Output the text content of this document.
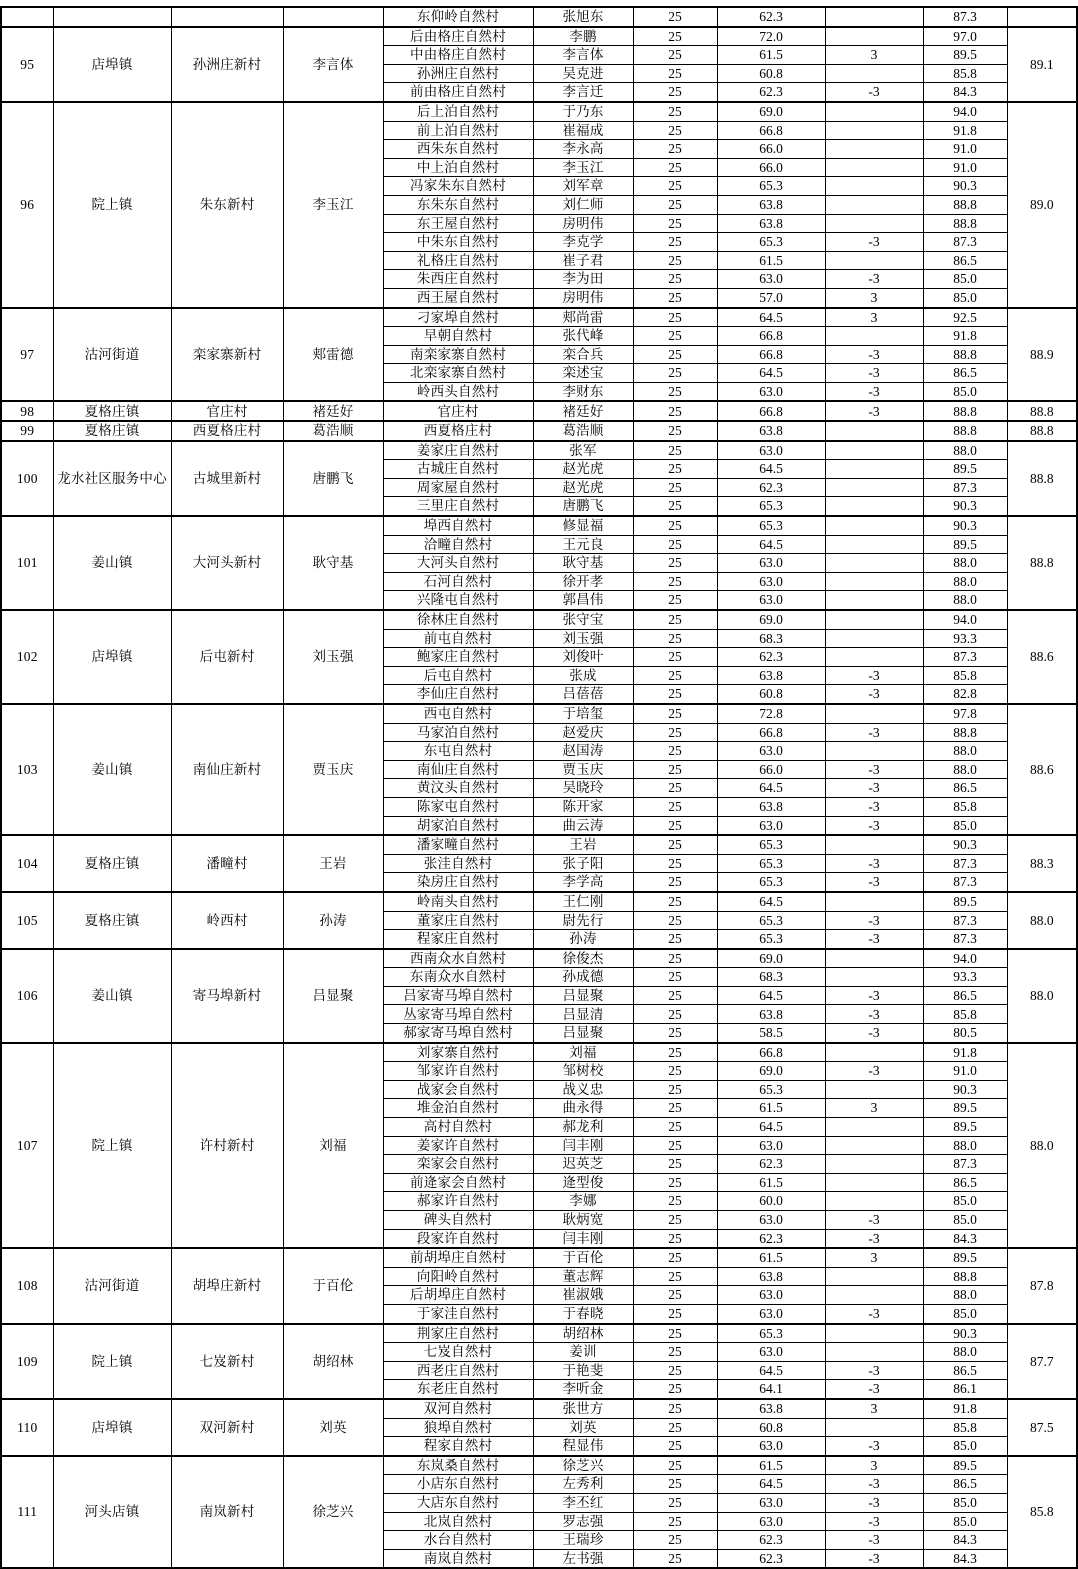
				东仰岭自然村	张旭东	25	62.3		87.3	
95	店埠镇	孙洲庄新村	李言体	后由格庄自然村	李鹏	25	72.0		97.0	89.1
				中由格庄自然村	李言体	25	61.5	3	89.5	
				孙洲庄自然村	吴克进	25	60.8		85.8	
				前由格庄自然村	李言迁	25	62.3	-3	84.3	
96	院上镇	朱东新村	李玉江	后上泊自然村	于乃东	25	69.0		94.0	89.0
				前上泊自然村	崔福成	25	66.8		91.8	
				西朱东自然村	李永高	25	66.0		91.0	
				中上泊自然村	李玉江	25	66.0		91.0	
				冯家朱东自然村	刘军章	25	65.3		90.3	
				东朱东自然村	刘仁师	25	63.8		88.8	
				东王屋自然村	房明伟	25	63.8		88.8	
				中朱东自然村	李克学	25	65.3	-3	87.3	
				礼格庄自然村	崔子君	25	61.5		86.5	
				朱西庄自然村	李为田	25	63.0	-3	85.0	
				西王屋自然村	房明伟	25	57.0	3	85.0	
97	沽河街道	栾家寨新村	郏雷德	刁家埠自然村	郏尚雷	25	64.5	3	92.5	88.9
				早朝自然村	张代峰	25	66.8		91.8	
				南栾家寨自然村	栾合兵	25	66.8	-3	88.8	
				北栾家寨自然村	栾述宝	25	64.5	-3	86.5	
				岭西头自然村	李财东	25	63.0	-3	85.0	
98	夏格庄镇	官庄村	褚廷好	官庄村	褚廷好	25	66.8	-3	88.8	88.8
99	夏格庄镇	西夏格庄村	葛浩顺	西夏格庄村	葛浩顺	25	63.8		88.8	88.8
100	龙水社区服务中心	古城里新村	唐鹏飞	姜家庄自然村	张军	25	63.0		88.0	88.8
				古城庄自然村	赵光虎	25	64.5		89.5	
				周家屋自然村	赵光虎	25	62.3		87.3	
				三里庄自然村	唐鹏飞	25	65.3		90.3	
101	姜山镇	大河头新村	耿守基	埠西自然村	修显福	25	65.3		90.3	88.8
				洽疃自然村	王元良	25	64.5		89.5	
				大河头自然村	耿守基	25	63.0		88.0	
				石河自然村	徐开孝	25	63.0		88.0	
				兴隆屯自然村	郭昌伟	25	63.0		88.0	
102	店埠镇	后屯新村	刘玉强	徐林庄自然村	张守宝	25	69.0		94.0	88.6
				前屯自然村	刘玉强	25	68.3		93.3	
				鲍家庄自然村	刘俊叶	25	62.3		87.3	
				后屯自然村	张成	25	63.8	-3	85.8	
				李仙庄自然村	吕蓓蓓	25	60.8	-3	82.8	
103	姜山镇	南仙庄新村	贾玉庆	西屯自然村	于培玺	25	72.8		97.8	88.6
				马家泊自然村	赵爱庆	25	66.8	-3	88.8	
				东屯自然村	赵国涛	25	63.0		88.0	
				南仙庄自然村	贾玉庆	25	66.0	-3	88.0	
				黄汶头自然村	吴晓玲	25	64.5	-3	86.5	
				陈家屯自然村	陈开家	25	63.8	-3	85.8	
				胡家泊自然村	曲云涛	25	63.0	-3	85.0	
104	夏格庄镇	潘疃村	王岩	潘家疃自然村	王岩	25	65.3		90.3	88.3
				张洼自然村	张子阳	25	65.3	-3	87.3	
				染房庄自然村	李学高	25	65.3	-3	87.3	
105	夏格庄镇	岭西村	孙涛	岭南头自然村	王仁刚	25	64.5		89.5	88.0
				董家庄自然村	尉先行	25	65.3	-3	87.3	
				程家庄自然村	孙涛	25	65.3	-3	87.3	
106	姜山镇	寄马埠新村	吕显聚	西南众水自然村	徐俊杰	25	69.0		94.0	88.0
				东南众水自然村	孙成德	25	68.3		93.3	
				吕家寄马埠自然村	吕显聚	25	64.5	-3	86.5	
				丛家寄马埠自然村	吕显清	25	63.8	-3	85.8	
				郝家寄马埠自然村	吕显聚	25	58.5	-3	80.5	
107	院上镇	许村新村	刘福	刘家寨自然村	刘福	25	66.8		91.8	88.0
				邹家许自然村	邹树校	25	69.0	-3	91.0	
				战家会自然村	战义忠	25	65.3		90.3	
				堆金泊自然村	曲永得	25	61.5	3	89.5	
				高村自然村	郝龙利	25	64.5		89.5	
				姜家许自然村	闫丰刚	25	63.0		88.0	
				栾家会自然村	迟英芝	25	62.3		87.3	
				前逄家会自然村	逄型俊	25	61.5		86.5	
				郝家许自然村	李娜	25	60.0		85.0	
				碑头自然村	耿炳宽	25	63.0	-3	85.0	
				段家许自然村	闫丰刚	25	62.3	-3	84.3	
108	沽河街道	胡埠庄新村	于百伦	前胡埠庄自然村	于百伦	25	61.5	3	89.5	87.8
				向阳岭自然村	董志辉	25	63.8		88.8	
				后胡埠庄自然村	崔淑娥	25	63.0		88.0	
				于家洼自然村	于春晓	25	63.0	-3	85.0	
109	院上镇	七岌新村	胡绍林	荆家庄自然村	胡绍林	25	65.3		90.3	87.7
				七岌自然村	姜训	25	63.0		88.0	
				西老庄自然村	于艳斐	25	64.5	-3	86.5	
				东老庄自然村	李听金	25	64.1	-3	86.1	
110	店埠镇	双河新村	刘英	双河自然村	张世方	25	63.8	3	91.8	87.5
				狼埠自然村	刘英	25	60.8		85.8	
				程家自然村	程显伟	25	63.0	-3	85.0	
111	河头店镇	南岚新村	徐芝兴	东岚桑自然村	徐芝兴	25	61.5	3	89.5	85.8
				小店东自然村	左秀利	25	64.5	-3	86.5	
				大店东自然村	李丕红	25	63.0	-3	85.0	
				北岚自然村	罗志强	25	63.0	-3	85.0	
				水台自然村	王瑞珍	25	62.3	-3	84.3	
				南岚自然村	左书强	25	62.3	-3	84.3	
